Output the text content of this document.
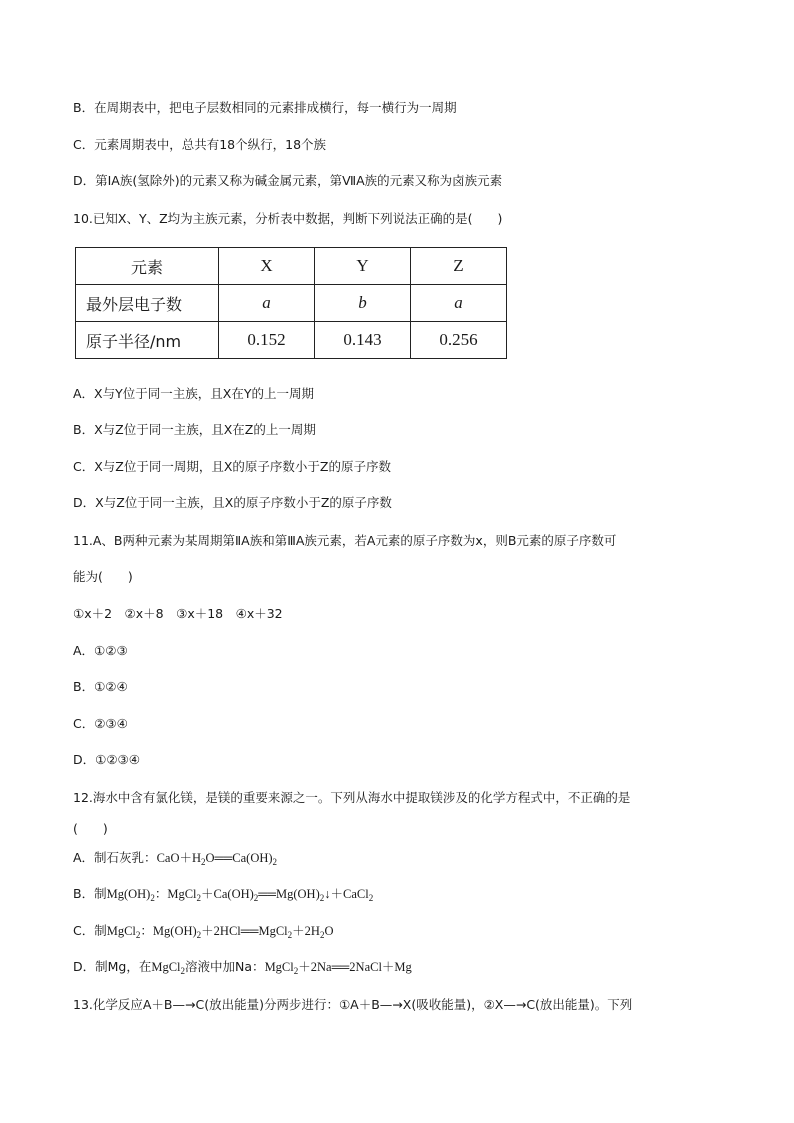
B．在周期表中，把电子层数相同的元素排成横行，每一横行为一周期
C．元素周期表中，总共有18个纵行，18个族
D．第ⅠA族(氢除外)的元素又称为碱金属元素，第ⅦA族的元素又称为卤族元素
10.已知X、Y、Z均为主族元素，分析表中数据，判断下列说法正确的是(　　)
元素	X	Y	Z
最外层电子数	a	b	a
原子半径/nm	0.152	0.143	0.256
A．X与Y位于同一主族，且X在Y的上一周期
B．X与Z位于同一主族，且X在Z的上一周期
C．X与Z位于同一周期，且X的原子序数小于Z的原子序数
D．X与Z位于同一主族，且X的原子序数小于Z的原子序数
11.A、B两种元素为某周期第ⅡA族和第ⅢA族元素，若A元素的原子序数为x，则B元素的原子序数可
能为(　　)
①x＋2　②x＋8　③x＋18　④x＋32
A．①②③
B．①②④
C．②③④
D．①②③④
12.海水中含有氯化镁，是镁的重要来源之一。下列从海水中提取镁涉及的化学方程式中，不正确的是
(　　)
A．制石灰乳：$CaO+H_2O══Ca(OH)_2$
B．制$Mg(OH)_2$：$MgCl_2+Ca(OH)_2══Mg(OH)_2↓+CaCl_2$
C．制MgCl$_2$：$Mg(OH)_2+2HCl══MgCl_2+2H_2O$
D．制Mg，在MgCl$_2$溶液中加Na：MgCl$_2$＋2Na══2NaCl＋Mg
13.化学反应A＋B—→C(放出能量)分两步进行：①A＋B—→X(吸收能量)，②X—→C(放出能量)。下列
